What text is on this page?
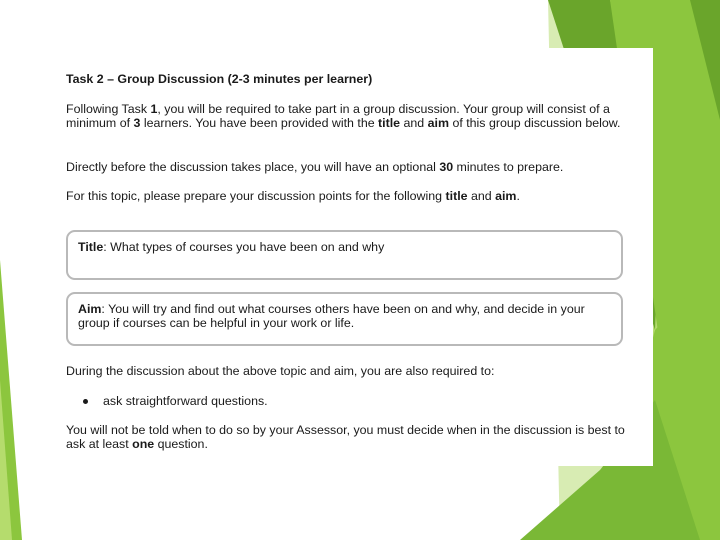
Task 2 – Group Discussion (2-3 minutes per learner)
Following Task 1, you will be required to take part in a group discussion. Your group will consist of a minimum of 3 learners. You have been provided with the title and aim of this group discussion below.
Directly before the discussion takes place, you will have an optional 30 minutes to prepare.
For this topic, please prepare your discussion points for the following title and aim.
Title: What types of courses you have been on and why
Aim: You will try and find out what courses others have been on and why, and decide in your group if courses can be helpful in your work or life.
During the discussion about the above topic and aim, you are also required to:
ask straightforward questions.
You will not be told when to do so by your Assessor, you must decide when in the discussion is best to ask at least one question.
